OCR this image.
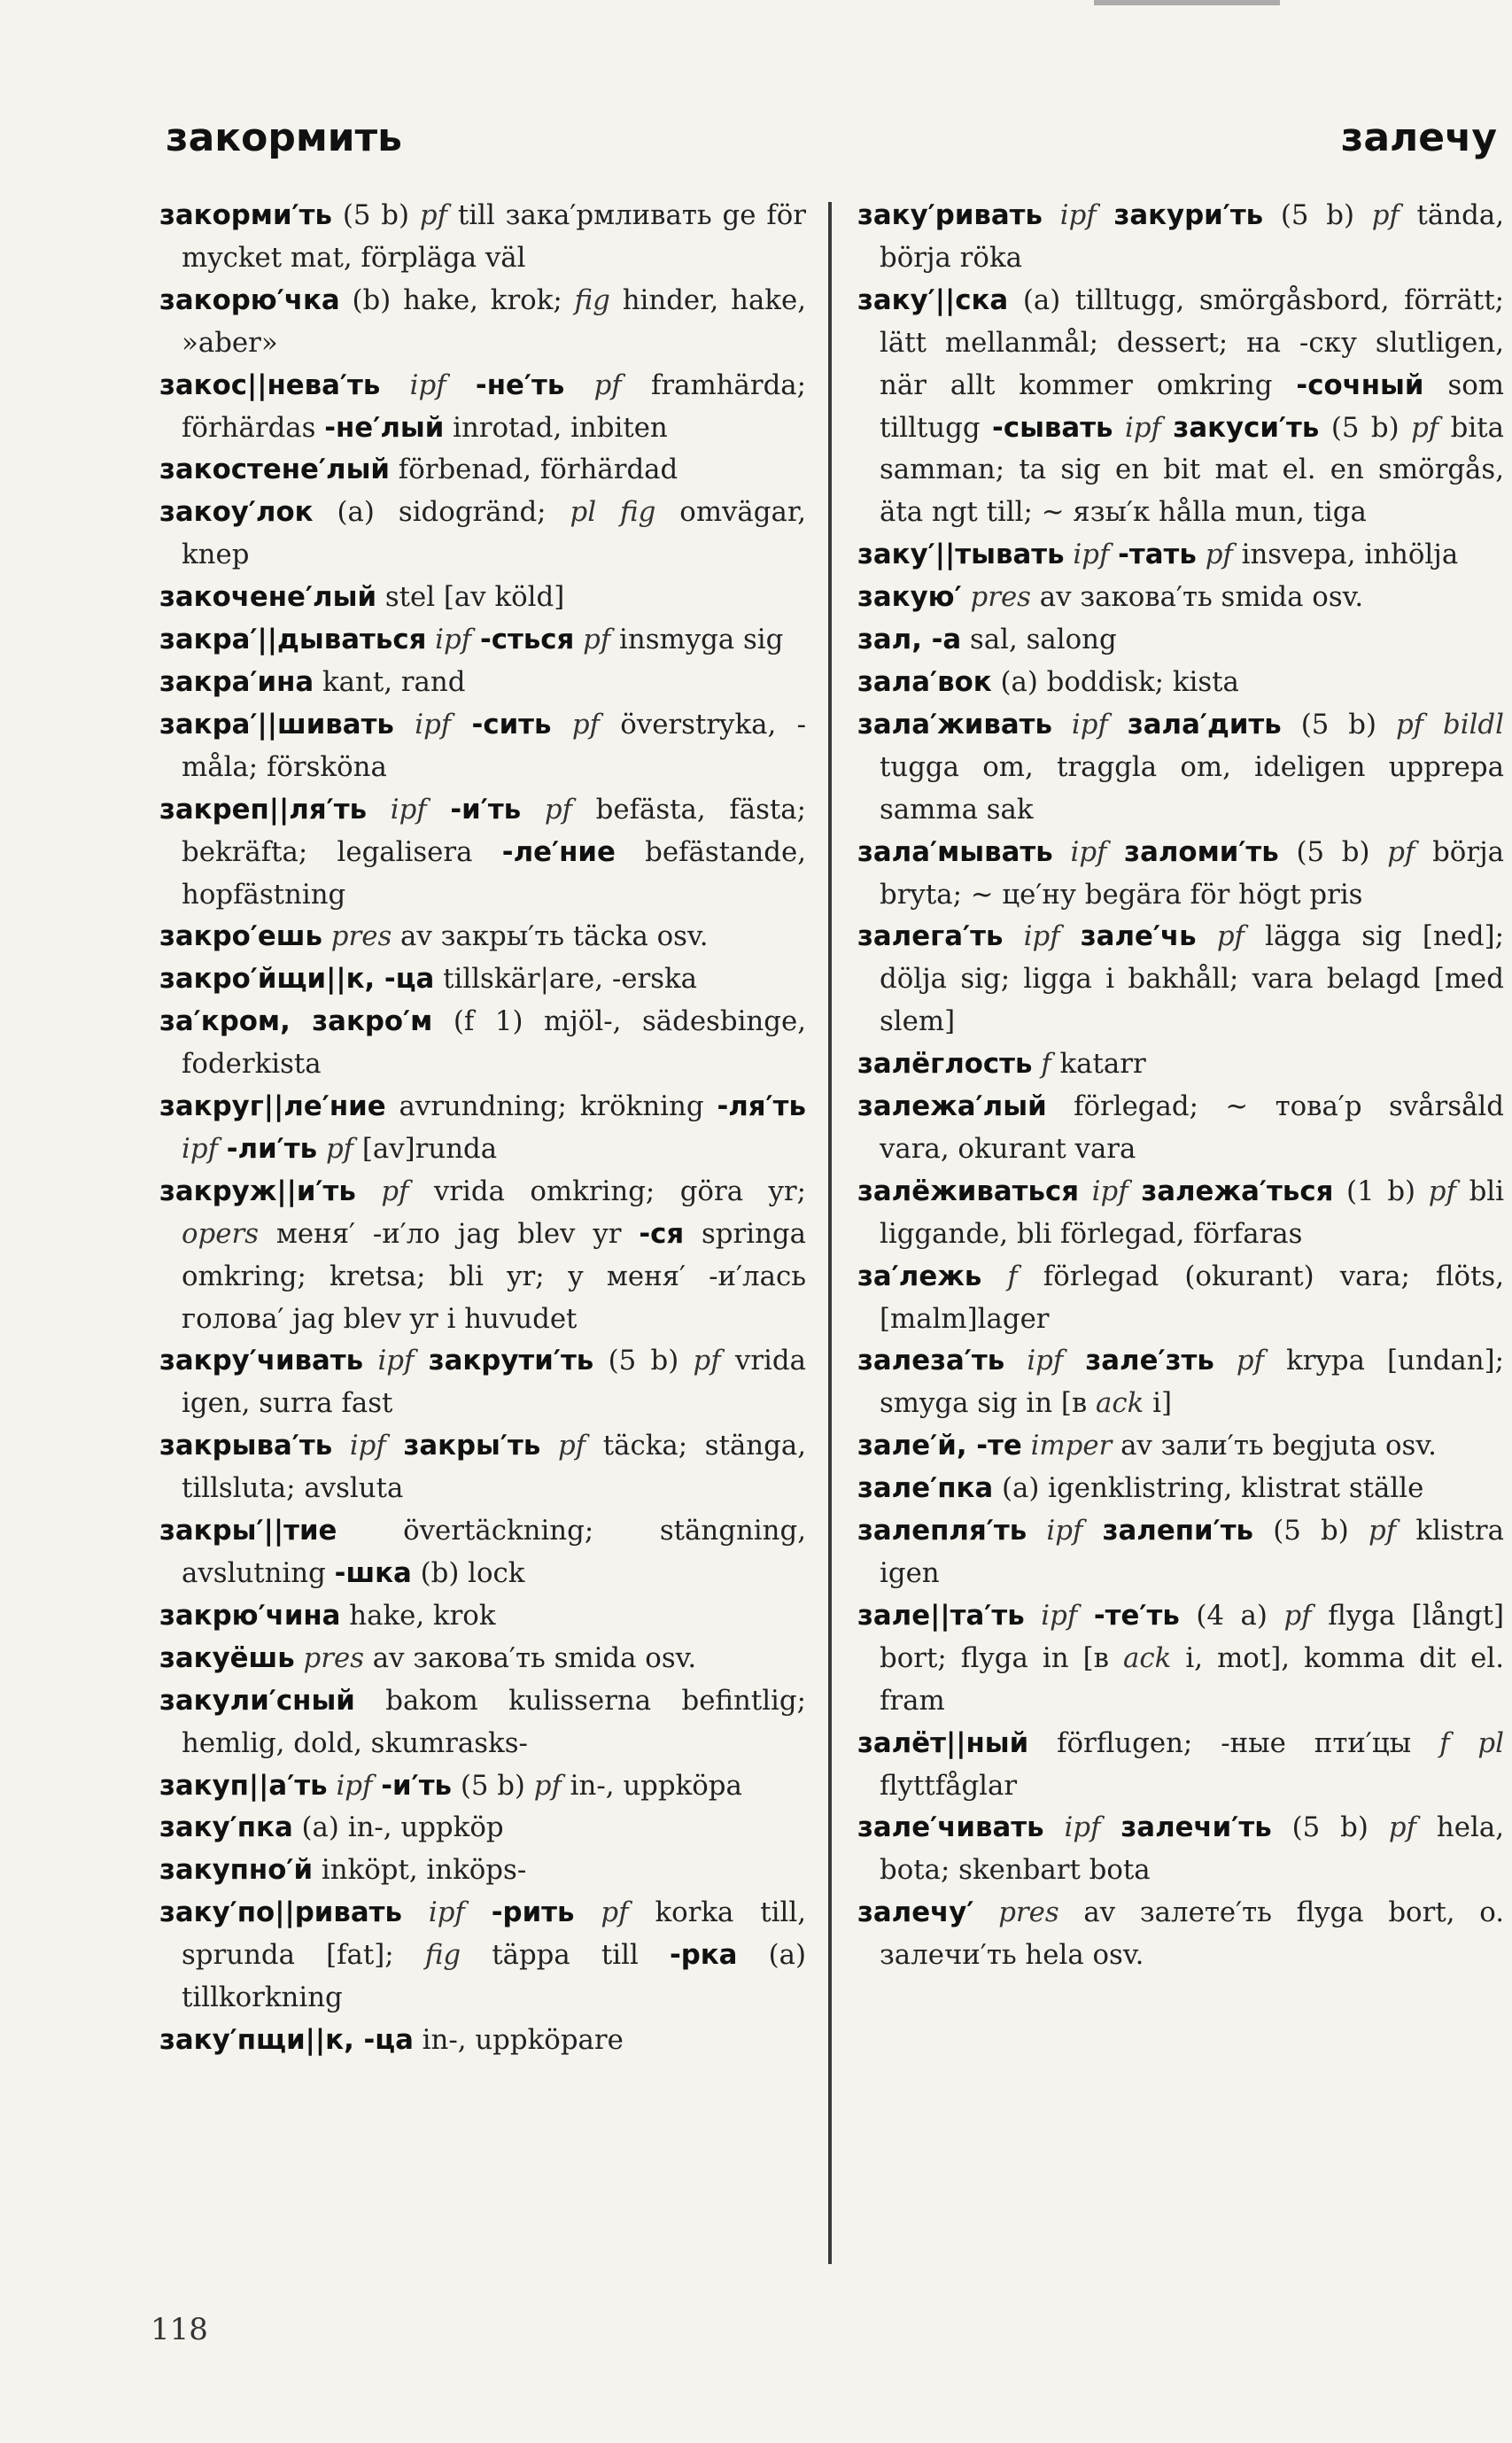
закормить	залечу
закорми′ть (5 b) pf till зака′рмливать ge för mycket mat, förpläga väl
закорю′чка (b) hake, krok; fig hinder, hake, »aber»
закос||нева′ть ipf -не′ть pf framhärda; förhärdas -не′лый inrotad, inbiten
закостене′лый förbenad, förhärdad
закоу′лок (a) sidogränd; pl fig omvägar, knep
закочене′лый stel [av köld]
закра′||дываться ipf -сться pf insmyga sig
закра′ина kant, rand
закра′||шивать ipf -сить pf överstryka, -måla; försköna
закреп||ля′ть ipf -и′ть pf befästa, fästa; bekräfta; legalisera -ле′ние befästande, hopfästning
закро′ешь pres av закры′ть täcka osv.
закро′йщи||к, -ца tillskär|are, -erska
за′кром, закро′м (f 1) mjöl-, sädesbinge, foderkista
закруг||ле′ние avrundning; krökning -ля′ть ipf -ли′ть pf [av]runda
закруж||и′ть pf vrida omkring; göra yr; opers меня′ -и′ло jag blev yr -ся springa omkring; kretsa; bli yr; у меня′ -и′лась голова′ jag blev yr i huvudet
закру′чивать ipf закрути′ть (5 b) pf vrida igen, surra fast
закрыва′ть ipf закры′ть pf täcka; stänga, tillsluta; avsluta
закры′||тие övertäckning; stängning, avslutning -шка (b) lock
закрю′чина hake, krok
закуёшь pres av закова′ть smida osv.
закули′сный bakom kulisserna befintlig; hemlig, dold, skumrasks-
закуп||а′ть ipf -и′ть (5 b) pf in-, uppköpa
заку′пка (a) in-, uppköp
закупно′й inköpt, inköps-
заку′по||ривать ipf -рить pf korka till, sprunda [fat]; fig täppa till -рка (a) tillkorkning
заку′пщи||к, -ца in-, uppköpare
заку′ривать ipf закури′ть (5 b) pf tända, börja röka
заку′||ска (a) tilltugg, smörgåsbord, förrätt; lätt mellanmål; dessert; на -ску slutligen, när allt kommer omkring -сочный som tilltugg -сывать ipf закуси′ть (5 b) pf bita samman; ta sig en bit mat el. en smörgås, äta ngt till; ~ язы′к hålla mun, tiga
заку′||тывать ipf -тать pf insvepa, inhölja
закую′ pres av закова′ть smida osv.
зал, -а sal, salong
зала′вок (a) boddisk; kista
зала′живать ipf зала′дить (5 b) pf bildl tugga om, traggla om, ideligen upprepa samma sak
зала′мывать ipf заломи′ть (5 b) pf börja bryta; ~ це′ну begära för högt pris
залега′ть ipf зале′чь pf lägga sig [ned]; dölja sig; ligga i bakhåll; vara belagd [med slem]
залёглость f katarr
залежа′лый förlegad; ~ това′р svårsåld vara, okurant vara
залёживаться ipf залежа′ться (1 b) pf bli liggande, bli förlegad, förfaras
за′лежь f förlegad (okurant) vara; flöts, [malm]lager
залеза′ть ipf зале′зть pf krypa [undan]; smyga sig in [в ack i]
зале′й, -те imper av зали′ть begjuta osv.
зале′пка (a) igenklistring, klistrat ställe
залепля′ть ipf залепи′ть (5 b) pf klistra igen
зале||та′ть ipf -те′ть (4 a) pf flyga [långt] bort; flyga in [в ack i, mot], komma dit el. fram
залёт||ный förflugen; -ные пти′цы f pl flyttfåglar
зале′чивать ipf залечи′ть (5 b) pf hela, bota; skenbart bota
залечу′ pres av залете′ть flyga bort, o. залечи′ть hela osv.
118
